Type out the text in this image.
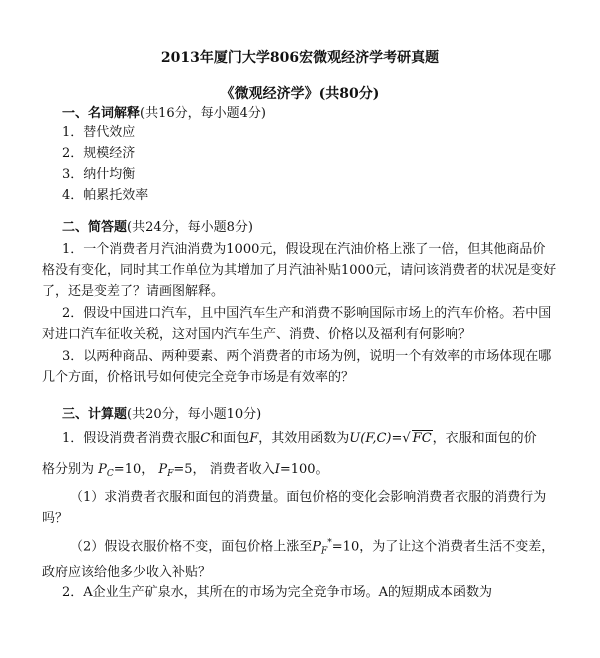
2013年厦门大学806宏微观经济学考研真题
《微观经济学》(共80分)
一、名词解释(共16分，每小题4分)
1．替代效应
2．规模经济
3．纳什均衡
4．帕累托效率
二、简答题(共24分，每小题8分)
1．一个消费者月汽油消费为1000元，假设现在汽油价格上涨了一倍，但其他商品价
格没有变化，同时其工作单位为其增加了月汽油补贴1000元，请问该消费者的状况是变好
了，还是变差了？请画图解释。
2．假设中国进口汽车，且中国汽车生产和消费不影响国际市场上的汽车价格。若中国
对进口汽车征收关税，这对国内汽车生产、消费、价格以及福利有何影响？
3．以两种商品、两种要素、两个消费者的市场为例，说明一个有效率的市场体现在哪
几个方面，价格讯号如何使完全竞争市场是有效率的？
三、计算题(共20分，每小题10分)
1．假设消费者消费衣服C和面包F，其效用函数为U(F,C)=√ FC，衣服和面包的价
格分别为 $P_C=10$， $P_F=5$， 消费者收入I=100。
（1）求消费者衣服和面包的消费量。面包价格的变化会影响消费者衣服的消费行为
吗？
（2）假设衣服价格不变，面包价格上涨至$P_F^*=10$，为了让这个消费者生活不变差，
政府应该给他多少收入补贴？
2．A企业生产矿泉水，其所在的市场为完全竞争市场。A的短期成本函数为
